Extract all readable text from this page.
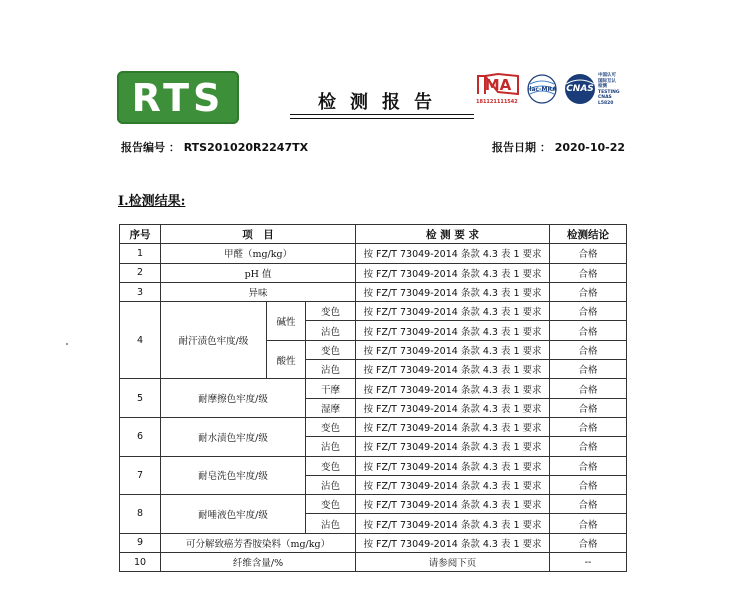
RTS	检测报告
MA
181121111542
ilac-MRA	CNAS
中国认可
国际互认
检测
TESTING
CNAS L5820
报告编号 ： RTS201020R2247TX	报告日期 ： 2020-10-22
I.检测结果:
序号	项　目			检 测 要 求	检测结论
1	甲醛（mg/kg）			按 FZ/T 73049-2014 条款 4.3 表 1 要求	合格
2	pH 值			按 FZ/T 73049-2014 条款 4.3 表 1 要求	合格
3	异味			按 FZ/T 73049-2014 条款 4.3 表 1 要求	合格
4	耐汗渍色牢度/级	碱性	变色	按 FZ/T 73049-2014 条款 4.3 表 1 要求	合格
			沾色	按 FZ/T 73049-2014 条款 4.3 表 1 要求	合格
		酸性	变色	按 FZ/T 73049-2014 条款 4.3 表 1 要求	合格
			沾色	按 FZ/T 73049-2014 条款 4.3 表 1 要求	合格
5	耐摩擦色牢度/级		干摩	按 FZ/T 73049-2014 条款 4.3 表 1 要求	合格
			湿摩	按 FZ/T 73049-2014 条款 4.3 表 1 要求	合格
6	耐水渍色牢度/级		变色	按 FZ/T 73049-2014 条款 4.3 表 1 要求	合格
			沾色	按 FZ/T 73049-2014 条款 4.3 表 1 要求	合格
7	耐皂洗色牢度/级		变色	按 FZ/T 73049-2014 条款 4.3 表 1 要求	合格
			沾色	按 FZ/T 73049-2014 条款 4.3 表 1 要求	合格
8	耐唾液色牢度/级		变色	按 FZ/T 73049-2014 条款 4.3 表 1 要求	合格
			沾色	按 FZ/T 73049-2014 条款 4.3 表 1 要求	合格
9	可分解致癌芳香胺染料（mg/kg）			按 FZ/T 73049-2014 条款 4.3 表 1 要求	合格
10	纤维含量/%			请参阅下页	--
